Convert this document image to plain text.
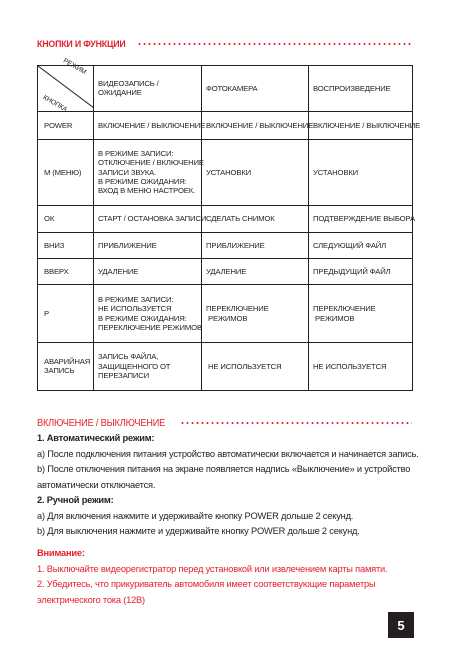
КНОПКИ И ФУНКЦИИ
РЕЖИМ
КНОПКА	ВИДЕОЗАПИСЬ / ОЖИДАНИЕ	ФОТОКАМЕРА	ВОСПРОИЗВЕДЕНИЕ

POWER	ВКЛЮЧЕНИЕ / ВЫКЛЮЧЕНИЕ	ВКЛЮЧЕНИЕ / ВЫКЛЮЧЕНИЕ	ВКЛЮЧЕНИЕ / ВЫКЛЮЧЕНИЕ

М (МЕНЮ)	В РЕЖИМЕ ЗАПИСИ:
ОТКЛЮЧЕНИЕ / ВКЛЮЧЕНИЕ
ЗАПИСИ ЗВУКА.
В РЕЖИМЕ ОЖИДАНИЯ:
ВХОД В МЕНЮ НАСТРОЕК.	УСТАНОВКИ	УСТАНОВКИ

ОК	СТАРТ / ОСТАНОВКА ЗАПИСИ	СДЕЛАТЬ СНИМОК	ПОДТВЕРЖДЕНИЕ ВЫБОРА

ВНИЗ	ПРИБЛИЖЕНИЕ	ПРИБЛИЖЕНИЕ	СЛЕДУЮЩИЙ ФАЙЛ

ВВЕРХ	УДАЛЕНИЕ	УДАЛЕНИЕ	ПРЕДЫДУЩИЙ ФАЙЛ

Р	В РЕЖИМЕ ЗАПИСИ:
НЕ ИСПОЛЬЗУЕТСЯ
В РЕЖИМЕ ОЖИДАНИЯ:
ПЕРЕКЛЮЧЕНИЕ РЕЖИМОВ	ПЕРЕКЛЮЧЕНИЕ
РЕЖИМОВ	ПЕРЕКЛЮЧЕНИЕ
РЕЖИМОВ

АВАРИЙНАЯ
ЗАПИСЬ	ЗАПИСЬ ФАЙЛА,
ЗАЩИЩЕННОГО ОТ
ПЕРЕЗАПИСИ	НЕ ИСПОЛЬЗУЕТСЯ	НЕ ИСПОЛЬЗУЕТСЯ
ВКЛЮЧЕНИЕ / ВЫКЛЮЧЕНИЕ
1. Автоматический режим:
a) После подключения питания устройство автоматически включается и начинается запись.
b) После отключения питания на экране появляется надпись «Выключение» и устройство
автоматически отключается.
2. Ручной режим:
a) Для включения нажмите и удерживайте кнопку POWER дольше 2 секунд.
b) Для выключения нажмите и удерживайте кнопку POWER дольше 2 секунд.
Внимание:
1. Выключайте видеорегистратор перед установкой или извлечением карты памяти.
2. Убедитесь, что прикуриватель автомобиля имеет соответствующие параметры
электрического тока (12В)
5
